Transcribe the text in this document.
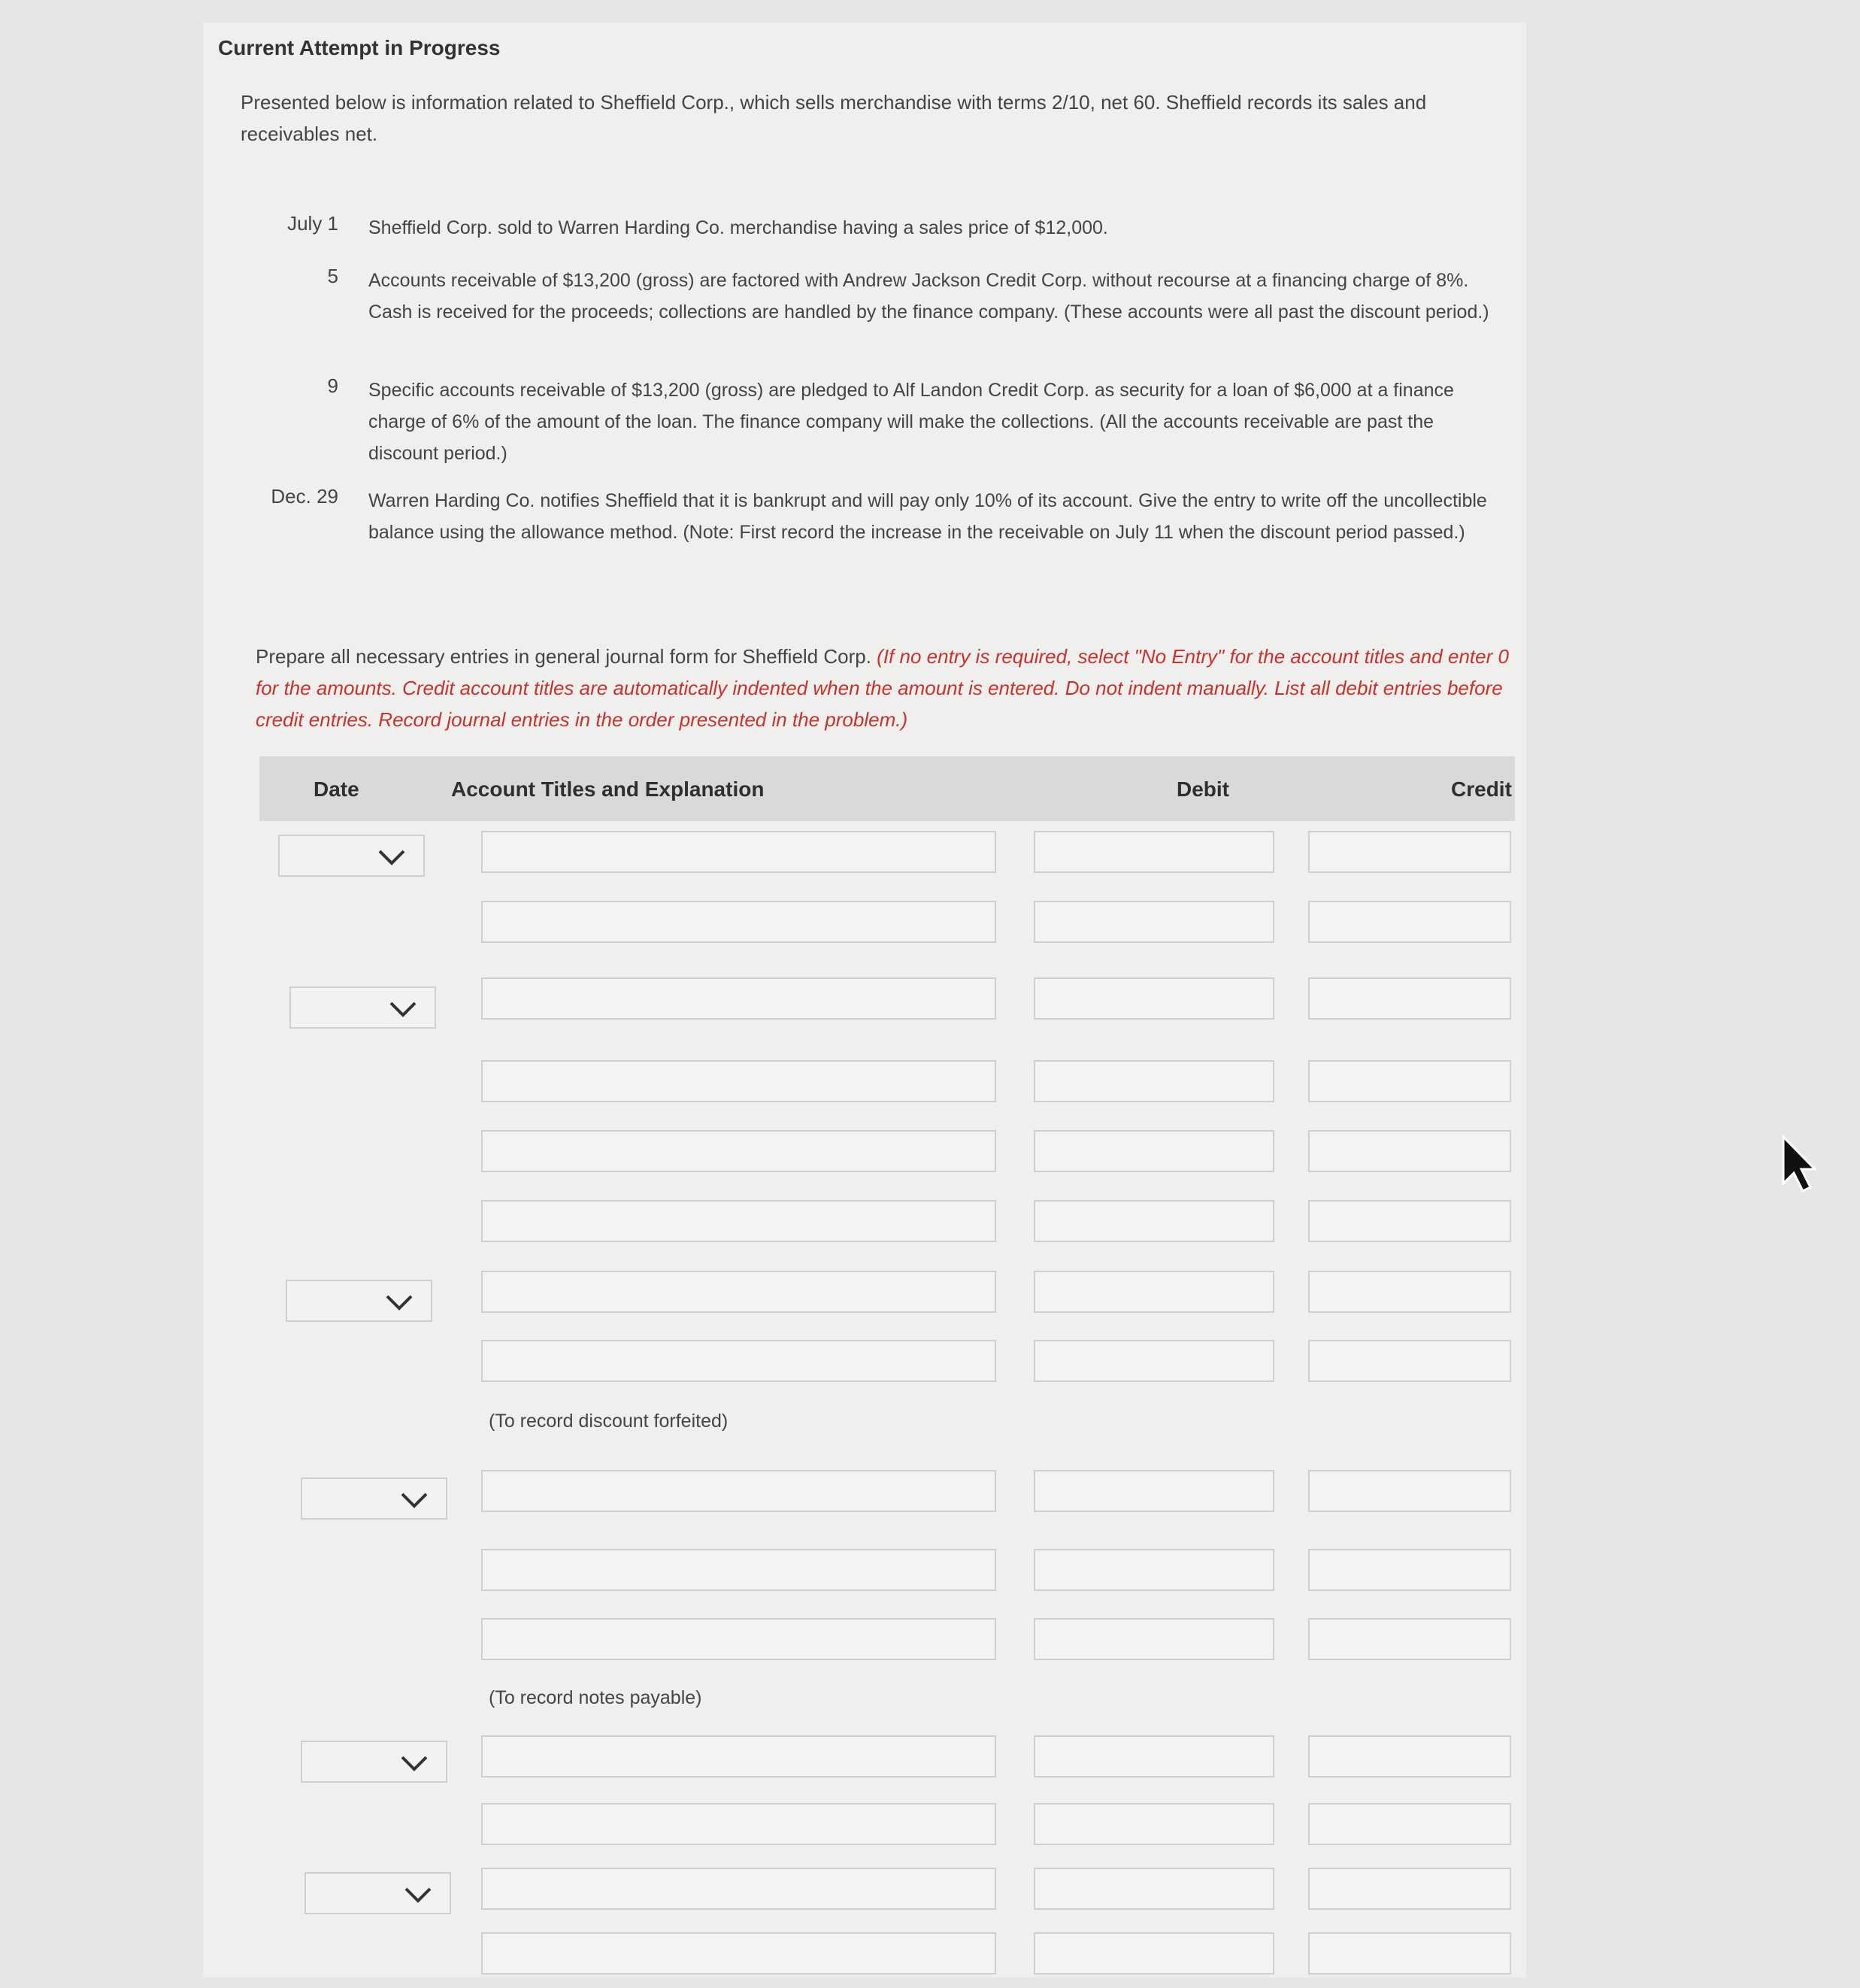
Current Attempt in Progress
Presented below is information related to Sheffield Corp., which sells merchandise with terms 2/10, net 60. Sheffield records its sales and receivables net.
July 1 Sheffield Corp. sold to Warren Harding Co. merchandise having a sales price of $12,000.
5 Accounts receivable of $13,200 (gross) are factored with Andrew Jackson Credit Corp. without recourse at a financing charge of 8%. Cash is received for the proceeds; collections are handled by the finance company. (These accounts were all past the discount period.)
9 Specific accounts receivable of $13,200 (gross) are pledged to Alf Landon Credit Corp. as security for a loan of $6,000 at a finance charge of 6% of the amount of the loan. The finance company will make the collections. (All the accounts receivable are past the discount period.)
Dec. 29 Warren Harding Co. notifies Sheffield that it is bankrupt and will pay only 10% of its account. Give the entry to write off the uncollectible balance using the allowance method. (Note: First record the increase in the receivable on July 11 when the discount period passed.)
Prepare all necessary entries in general journal form for Sheffield Corp. (If no entry is required, select "No Entry" for the account titles and enter 0 for the amounts. Credit account titles are automatically indented when the amount is entered. Do not indent manually. List all debit entries before credit entries. Record journal entries in the order presented in the problem.)
Date	Account Titles and Explanation	Debit	Credit
(To record discount forfeited)
(To record notes payable)
